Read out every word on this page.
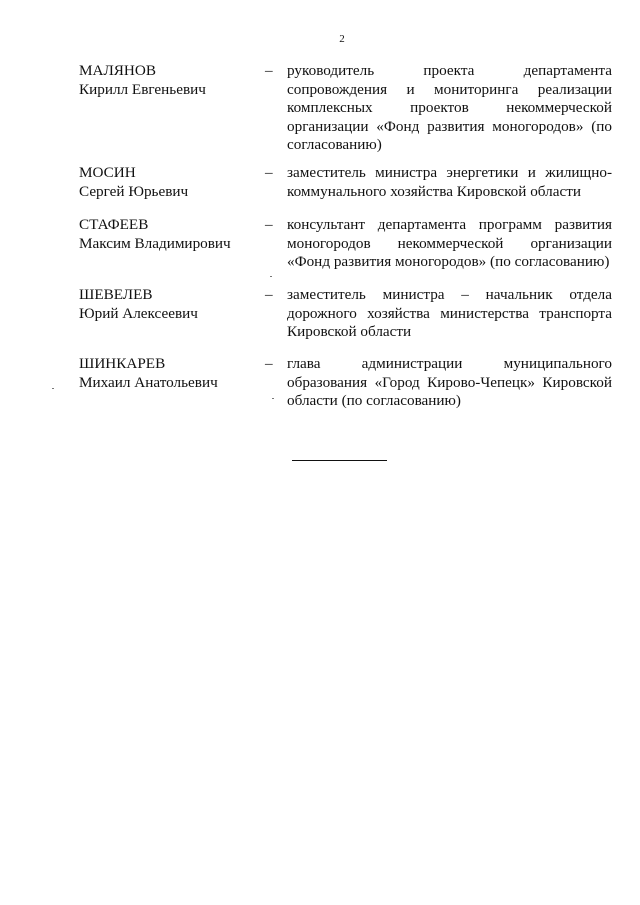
2
МАЛЯНОВ
Кирилл Евгеньевич
– руководитель проекта департамента
сопровождения и мониторинга реализации
комплексных проектов некоммерческой
организации «Фонд развития моногородов» (по
согласованию)
МОСИН
Сергей Юрьевич
– заместитель министра энергетики и жилищно-
коммунального хозяйства Кировской области
СТАФЕЕВ
Максим Владимирович
– консультант департамента программ развития
моногородов некоммерческой организации
«Фонд развития моногородов» (по согласованию)
ШЕВЕЛЕВ
Юрий Алексеевич
– заместитель министра – начальник отдела
дорожного хозяйства министерства транспорта
Кировской области
ШИНКАРЕВ
Михаил Анатольевич
– глава администрации муниципального
образования «Город Кирово-Чепецк» Кировской
области (по согласованию)
